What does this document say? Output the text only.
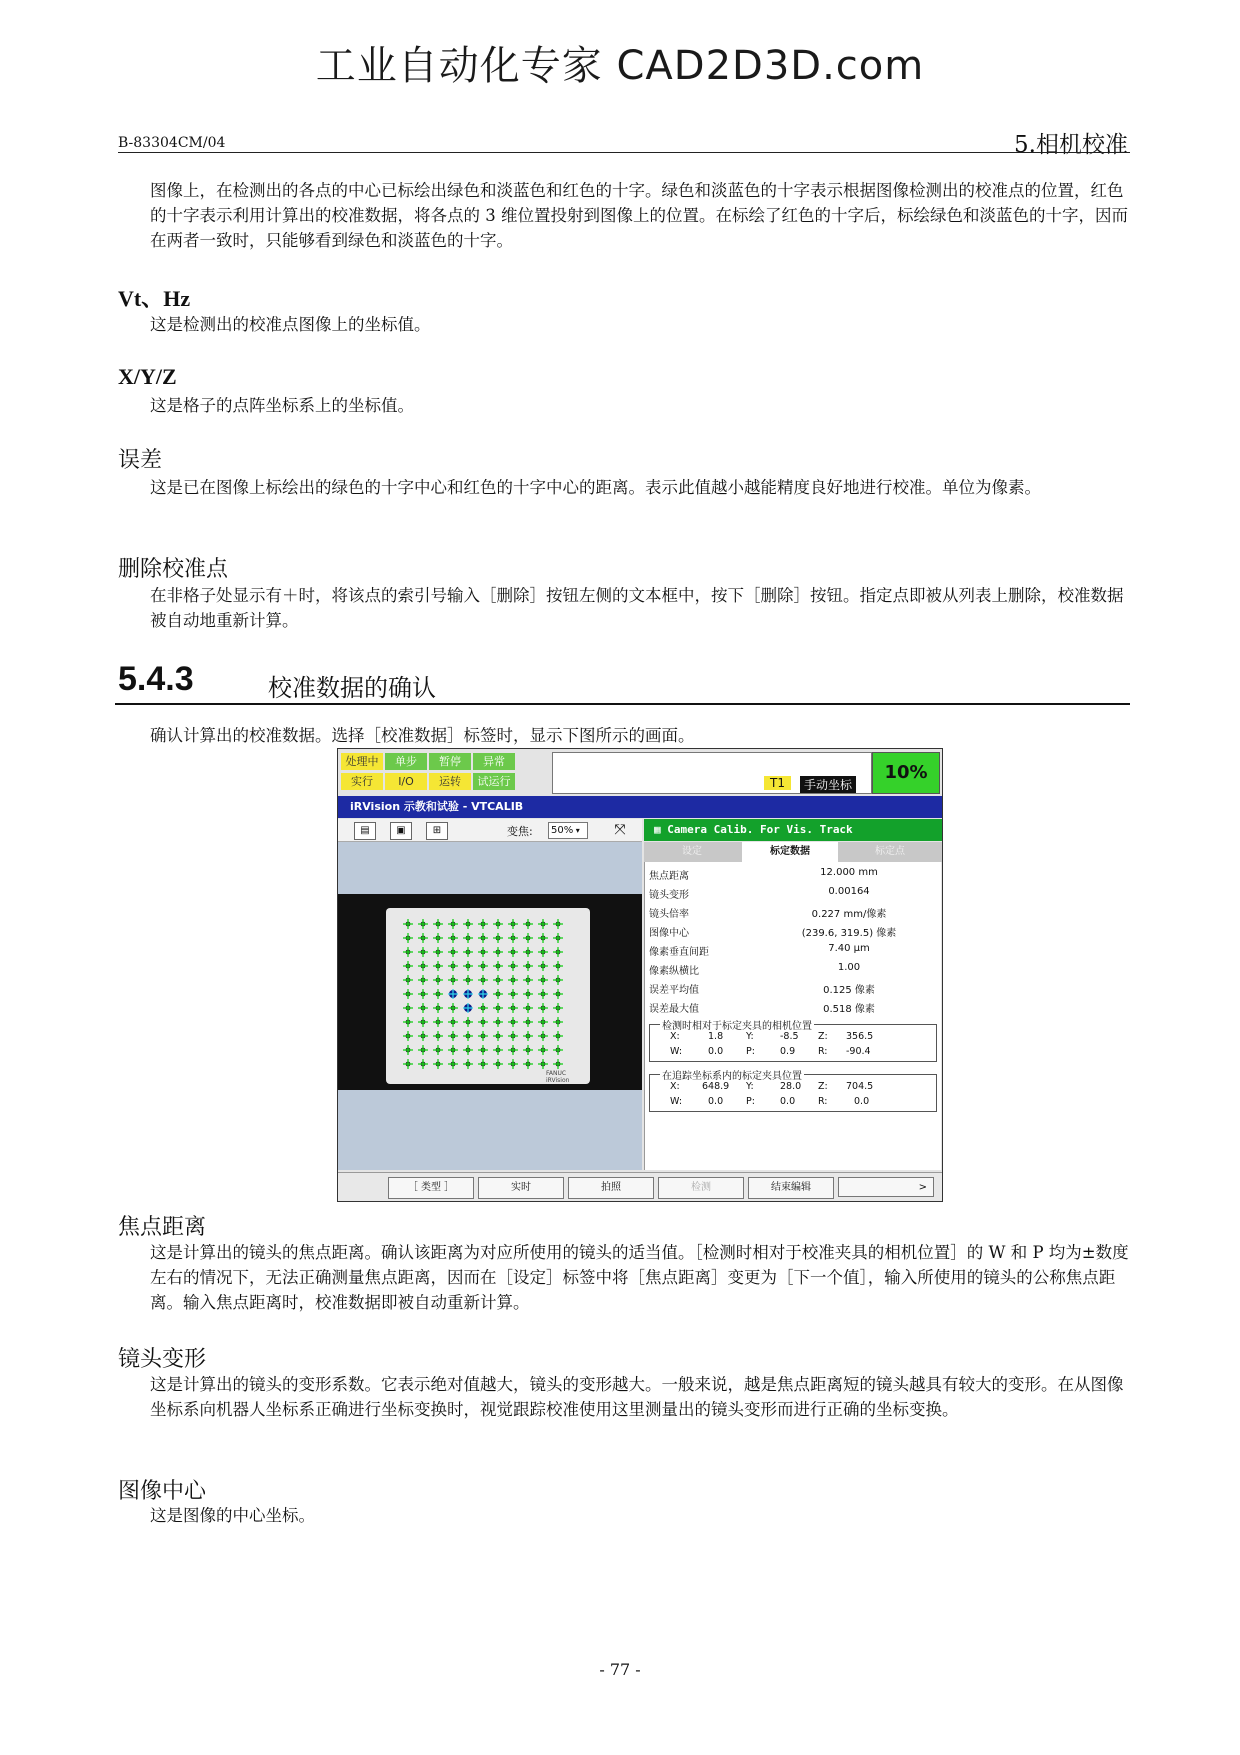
工业自动化专家 CAD2D3D.com
B-83304CM/04	5.相机校准
图像上，在检测出的各点的中心已标绘出绿色和淡蓝色和红色的十字。绿色和淡蓝色的十字表示根据图像检测出的校准点的位置，红色的十字表示利用计算出的校准数据，将各点的 3 维位置投射到图像上的位置。在标绘了红色的十字后，标绘绿色和淡蓝色的十字，因而在两者一致时，只能够看到绿色和淡蓝色的十字。
Vt、Hz
这是检测出的校准点图像上的坐标值。
X/Y/Z
这是格子的点阵坐标系上的坐标值。
误差
这是已在图像上标绘出的绿色的十字中心和红色的十字中心的距离。表示此值越小越能精度良好地进行校准。单位为像素。
删除校准点
在非格子处显示有＋时，将该点的索引号输入［删除］按钮左侧的文本框中，按下［删除］按钮。指定点即被从列表上删除，校准数据被自动地重新计算。
5.4.3	校准数据的确认
确认计算出的校准数据。选择［校准数据］标签时，显示下图所示的画面。
处理中	单步	暂停	异常
实行	I/O	运转	试运行	T1	手动坐标
10%
iRVision 示教和试验 - VTCALIB
▤	▣	⊞	变焦:	50% ▾	⤧
FANUC iRVision
▦ Camera Calib. For Vis. Track
设定	标定数据	标定点
焦点距离	12.000 mm
镜头变形	0.00164
镜头倍率	0.227 mm/像素
图像中心	(239.6, 319.5) 像素
像素垂直间距	7.40 μm
像素纵横比	1.00
误差平均值	0.125 像素
误差最大值	0.518 像素
检测时相对于标定夹具的相机位置
X:	1.8 Y:	-8.5 Z: 356.5
W:	0.0 P:	0.9 R: -90.4
在追踪坐标系内的标定夹具位置
X: 648.9 Y:	28.0 Z: 704.5
W:	0.0 P:	0.0 R:	0.0
［ 类型 ］	实时	拍照	检测	结束编辑	>
焦点距离
这是计算出的镜头的焦点距离。确认该距离为对应所使用的镜头的适当值。［检测时相对于校准夹具的相机位置］的 W 和 P 均为±数度左右的情况下，无法正确测量焦点距离，因而在［设定］标签中将［焦点距离］变更为［下一个值］，输入所使用的镜头的公称焦点距离。输入焦点距离时，校准数据即被自动重新计算。
镜头变形
这是计算出的镜头的变形系数。它表示绝对值越大，镜头的变形越大。一般来说，越是焦点距离短的镜头越具有较大的变形。在从图像坐标系向机器人坐标系正确进行坐标变换时，视觉跟踪校准使用这里测量出的镜头变形而进行正确的坐标变换。
图像中心
这是图像的中心坐标。
- 77 -
